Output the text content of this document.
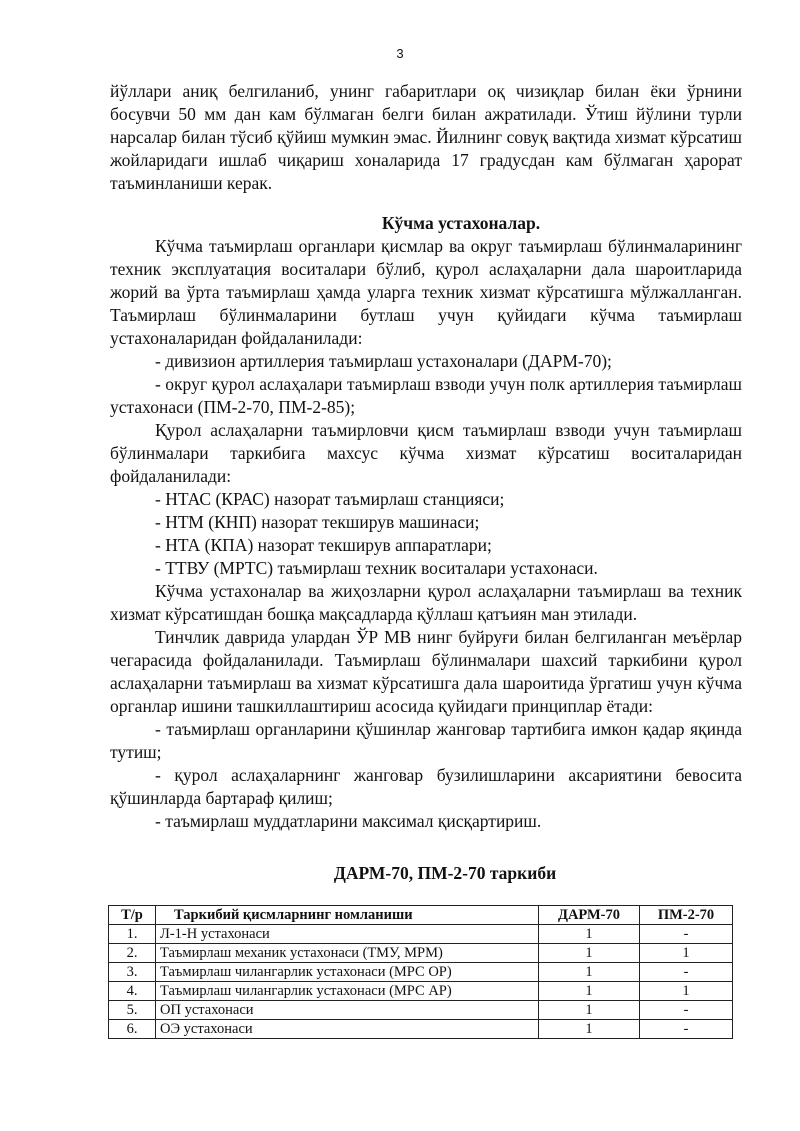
3

йўллари аниқ белгиланиб, унинг габаритлари оқ чизиқлар билан ёки ўрнини босувчи 50 мм дан кам бўлмаган белги билан ажратилади. Ўтиш йўлини турли нарсалар билан тўсиб қўйиш мумкин эмас. Йилнинг совуқ вақтида хизмат кўрсатиш жойларидаги ишлаб чиқариш хоналарида 17 градусдан кам бўлмаган ҳарорат таъминланиши керак.

Кўчма устахоналар.

Кўчма таъмирлаш органлари қисмлар ва округ таъмирлаш бўлинмаларининг техник эксплуатация воситалари бўлиб, қурол аслаҳаларни дала шароитларида жорий ва ўрта таъмирлаш ҳамда уларга техник хизмат кўрсатишга мўлжалланган. Таъмирлаш бўлинмаларини бутлаш учун қуйидаги кўчма таъмирлаш устахоналаридан фойдаланилади:

- дивизион артиллерия таъмирлаш устахоналари (ДАРМ-70);

- округ қурол аслаҳалари таъмирлаш взводи учун полк артиллерия таъмирлаш устахонаси (ПМ-2-70, ПМ-2-85);

Қурол аслаҳаларни таъмирловчи қисм таъмирлаш взводи учун таъмирлаш бўлинмалари таркибига махсус кўчма хизмат кўрсатиш воситаларидан фойдаланилади:

- НТАС (КРАС) назорат таъмирлаш станцияси;

- НТМ (КНП) назорат текширув машинаси;

- НТА (КПА) назорат текширув аппаратлари;

- ТТВУ (МРТС) таъмирлаш техник воситалари устахонаси.

Кўчма устахоналар ва жиҳозларни қурол аслаҳаларни таъмирлаш ва техник хизмат кўрсатишдан бошқа мақсадларда қўллаш қатъиян ман этилади.

Тинчлик даврида улардан ЎР МВ нинг буйруғи билан белгиланган меъёрлар чегарасида фойдаланилади. Таъмирлаш бўлинмалари шахсий таркибини қурол аслаҳаларни таъмирлаш ва хизмат кўрсатишга дала шароитида ўргатиш учун кўчма органлар ишини ташкиллаштириш асосида қуйидаги принциплар ётади:

- таъмирлаш органларини қўшинлар жанговар тартибига имкон қадар яқинда тутиш;

- қурол аслаҳаларнинг жанговар бузилишларини аксариятини бевосита қўшинларда бартараф қилиш;

- таъмирлаш муддатларини максимал қисқартириш.

ДАРМ-70, ПМ-2-70 таркиби
Т/р	Таркибий қисмларнинг номланиши	ДАРМ-70	ПМ-2-70
1.	Л-1-Н устахонаси	1	-
2.	Таъмирлаш механик устахонаси (ТМУ, МРМ)	1	1
3.	Таъмирлаш чилангарлик устахонаси (МРС ОР)	1	-
4.	Таъмирлаш чилангарлик устахонаси (МРС АР)	1	1
5.	ОП устахонаси	1	-
6.	ОЭ устахонаси	1	-
